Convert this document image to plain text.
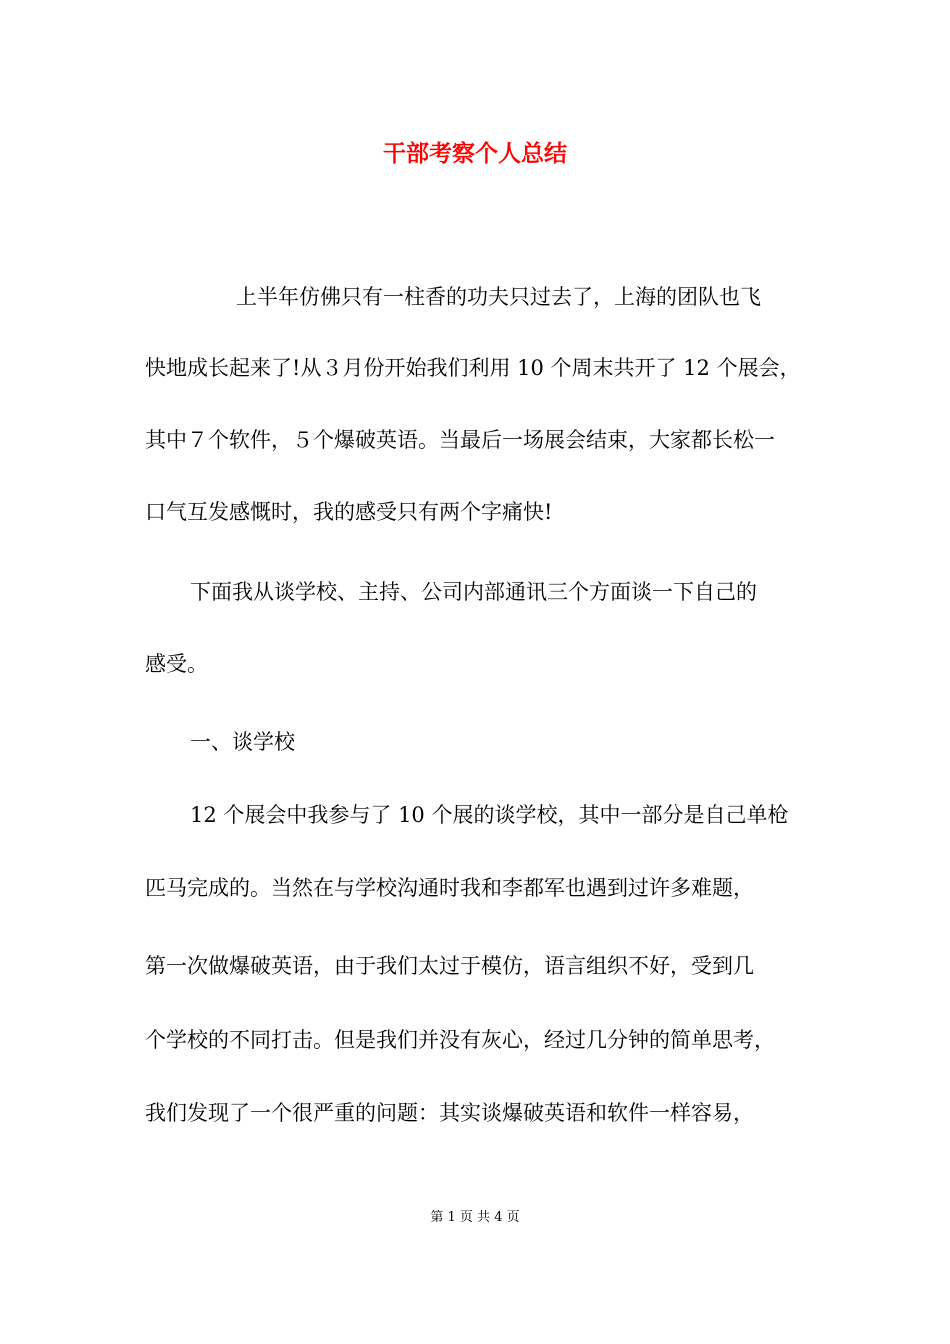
干部考察个人总结

上半年仿佛只有一柱香的功夫只过去了，上海的团队也飞

快地成长起来了!从３月份开始我们利用 10 个周末共开了 12 个展会，

其中７个软件，５个爆破英语。当最后一场展会结束，大家都长松一

口气互发感慨时，我的感受只有两个字痛快!

下面我从谈学校、主持、公司内部通讯三个方面谈一下自己的

感受。

一、谈学校

12 个展会中我参与了 10 个展的谈学校，其中一部分是自己单枪

匹马完成的。当然在与学校沟通时我和李都军也遇到过许多难题，

第一次做爆破英语，由于我们太过于模仿，语言组织不好，受到几

个学校的不同打击。但是我们并没有灰心，经过几分钟的简单思考，

我们发现了一个很严重的问题：其实谈爆破英语和软件一样容易，

第 1 页 共 4 页
